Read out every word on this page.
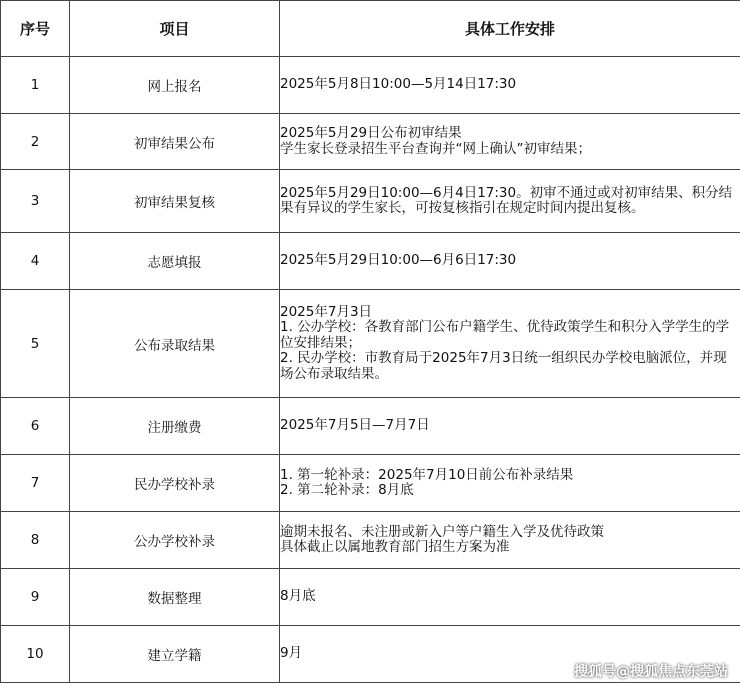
序号	项目	具体工作安排
1	网上报名	2025年5月8日10:00—5月14日17:30

2	初审结果公布	2025年5月29日公布初审结果
学生家长登录招生平台查询并“网上确认”初审结果；

3	初审结果复核	2025年5月29日10:00—6月4日17:30。初审不通过或对初审结果、积分结果有异议的学生家长，可按复核指引在规定时间内提出复核。

4	志愿填报	2025年5月29日10:00—6月6日17:30

5	公布录取结果	2025年7月3日
1. 公办学校：各教育部门公布户籍学生、优待政策学生和积分入学学生的学位安排结果；
2. 民办学校：市教育局于2025年7月3日统一组织民办学校电脑派位，并现场公布录取结果。

6	注册缴费	2025年7月5日—7月7日

7	民办学校补录	1. 第一轮补录：2025年7月10日前公布补录结果
2. 第二轮补录：8月底

8	公办学校补录	逾期未报名、未注册或新入户等户籍生入学及优待政策
具体截止以属地教育部门招生方案为准

9	数据整理	8月底

10	建立学籍	9月
搜狐号@搜狐焦点东莞站
